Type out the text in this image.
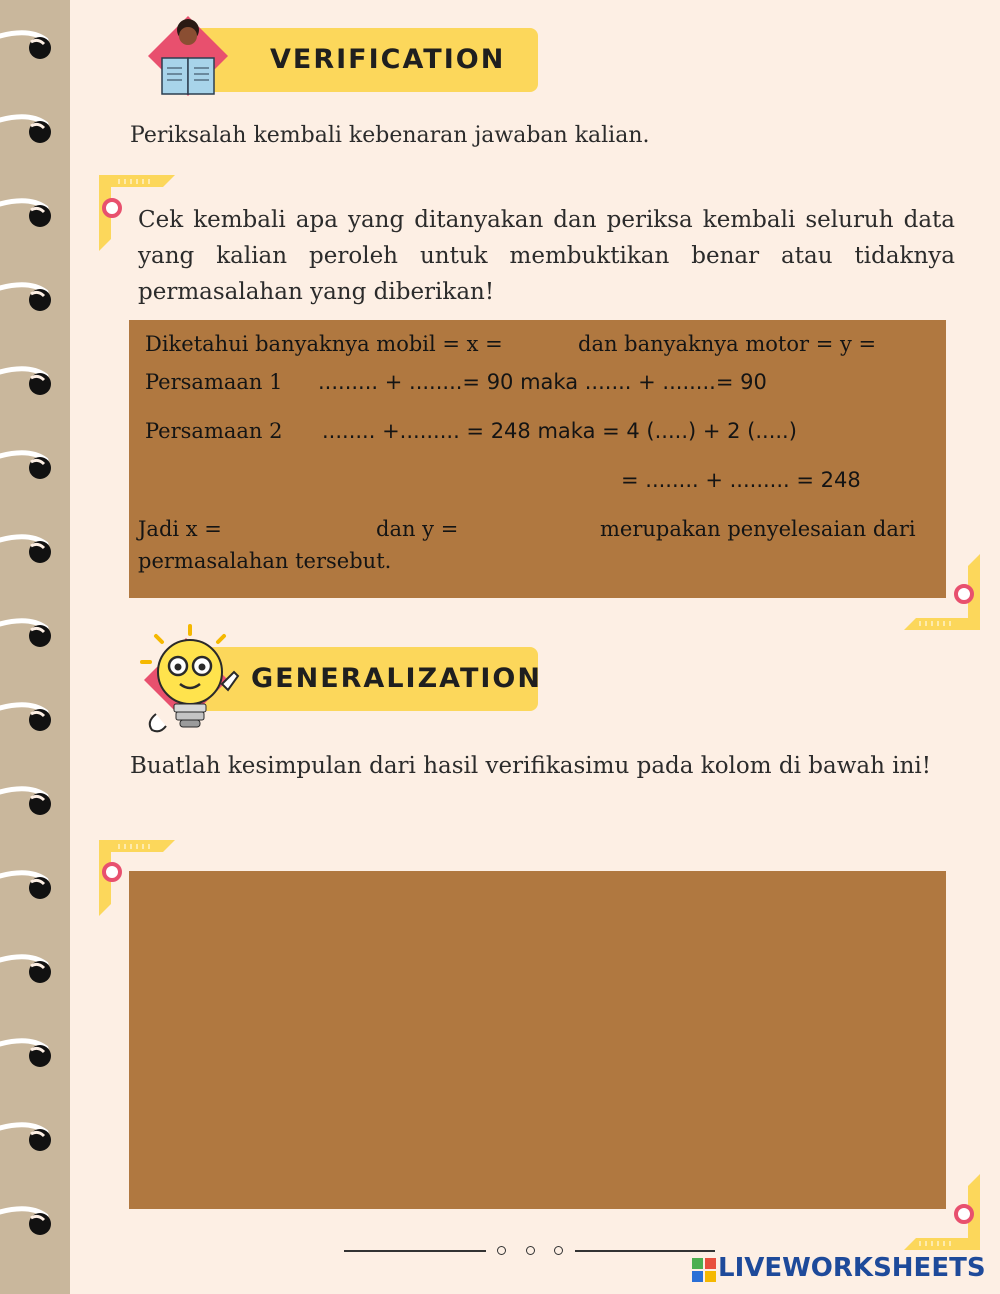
VERIFICATION
Periksalah kembali kebenaran jawaban kalian.
Cek kembali apa yang ditanyakan dan periksa kembali seluruh data yang kalian peroleh untuk membuktikan benar atau tidaknya permasalahan yang diberikan!
Diketahui banyaknya mobil = x =	dan banyaknya motor = y =
Persamaan 1 ......... + ........= 90 maka ....... + ........= 90
Persamaan 2 ........ +......... = 248 maka = 4 (.....) + 2 (.....)
= ........ + ......... = 248
Jadi x =	dan y =	merupakan penyelesaian dari
permasalahan tersebut.
GENERALIZATION
Buatlah kesimpulan dari hasil verifikasimu pada kolom di bawah ini!
LIVEWORKSHEETS
